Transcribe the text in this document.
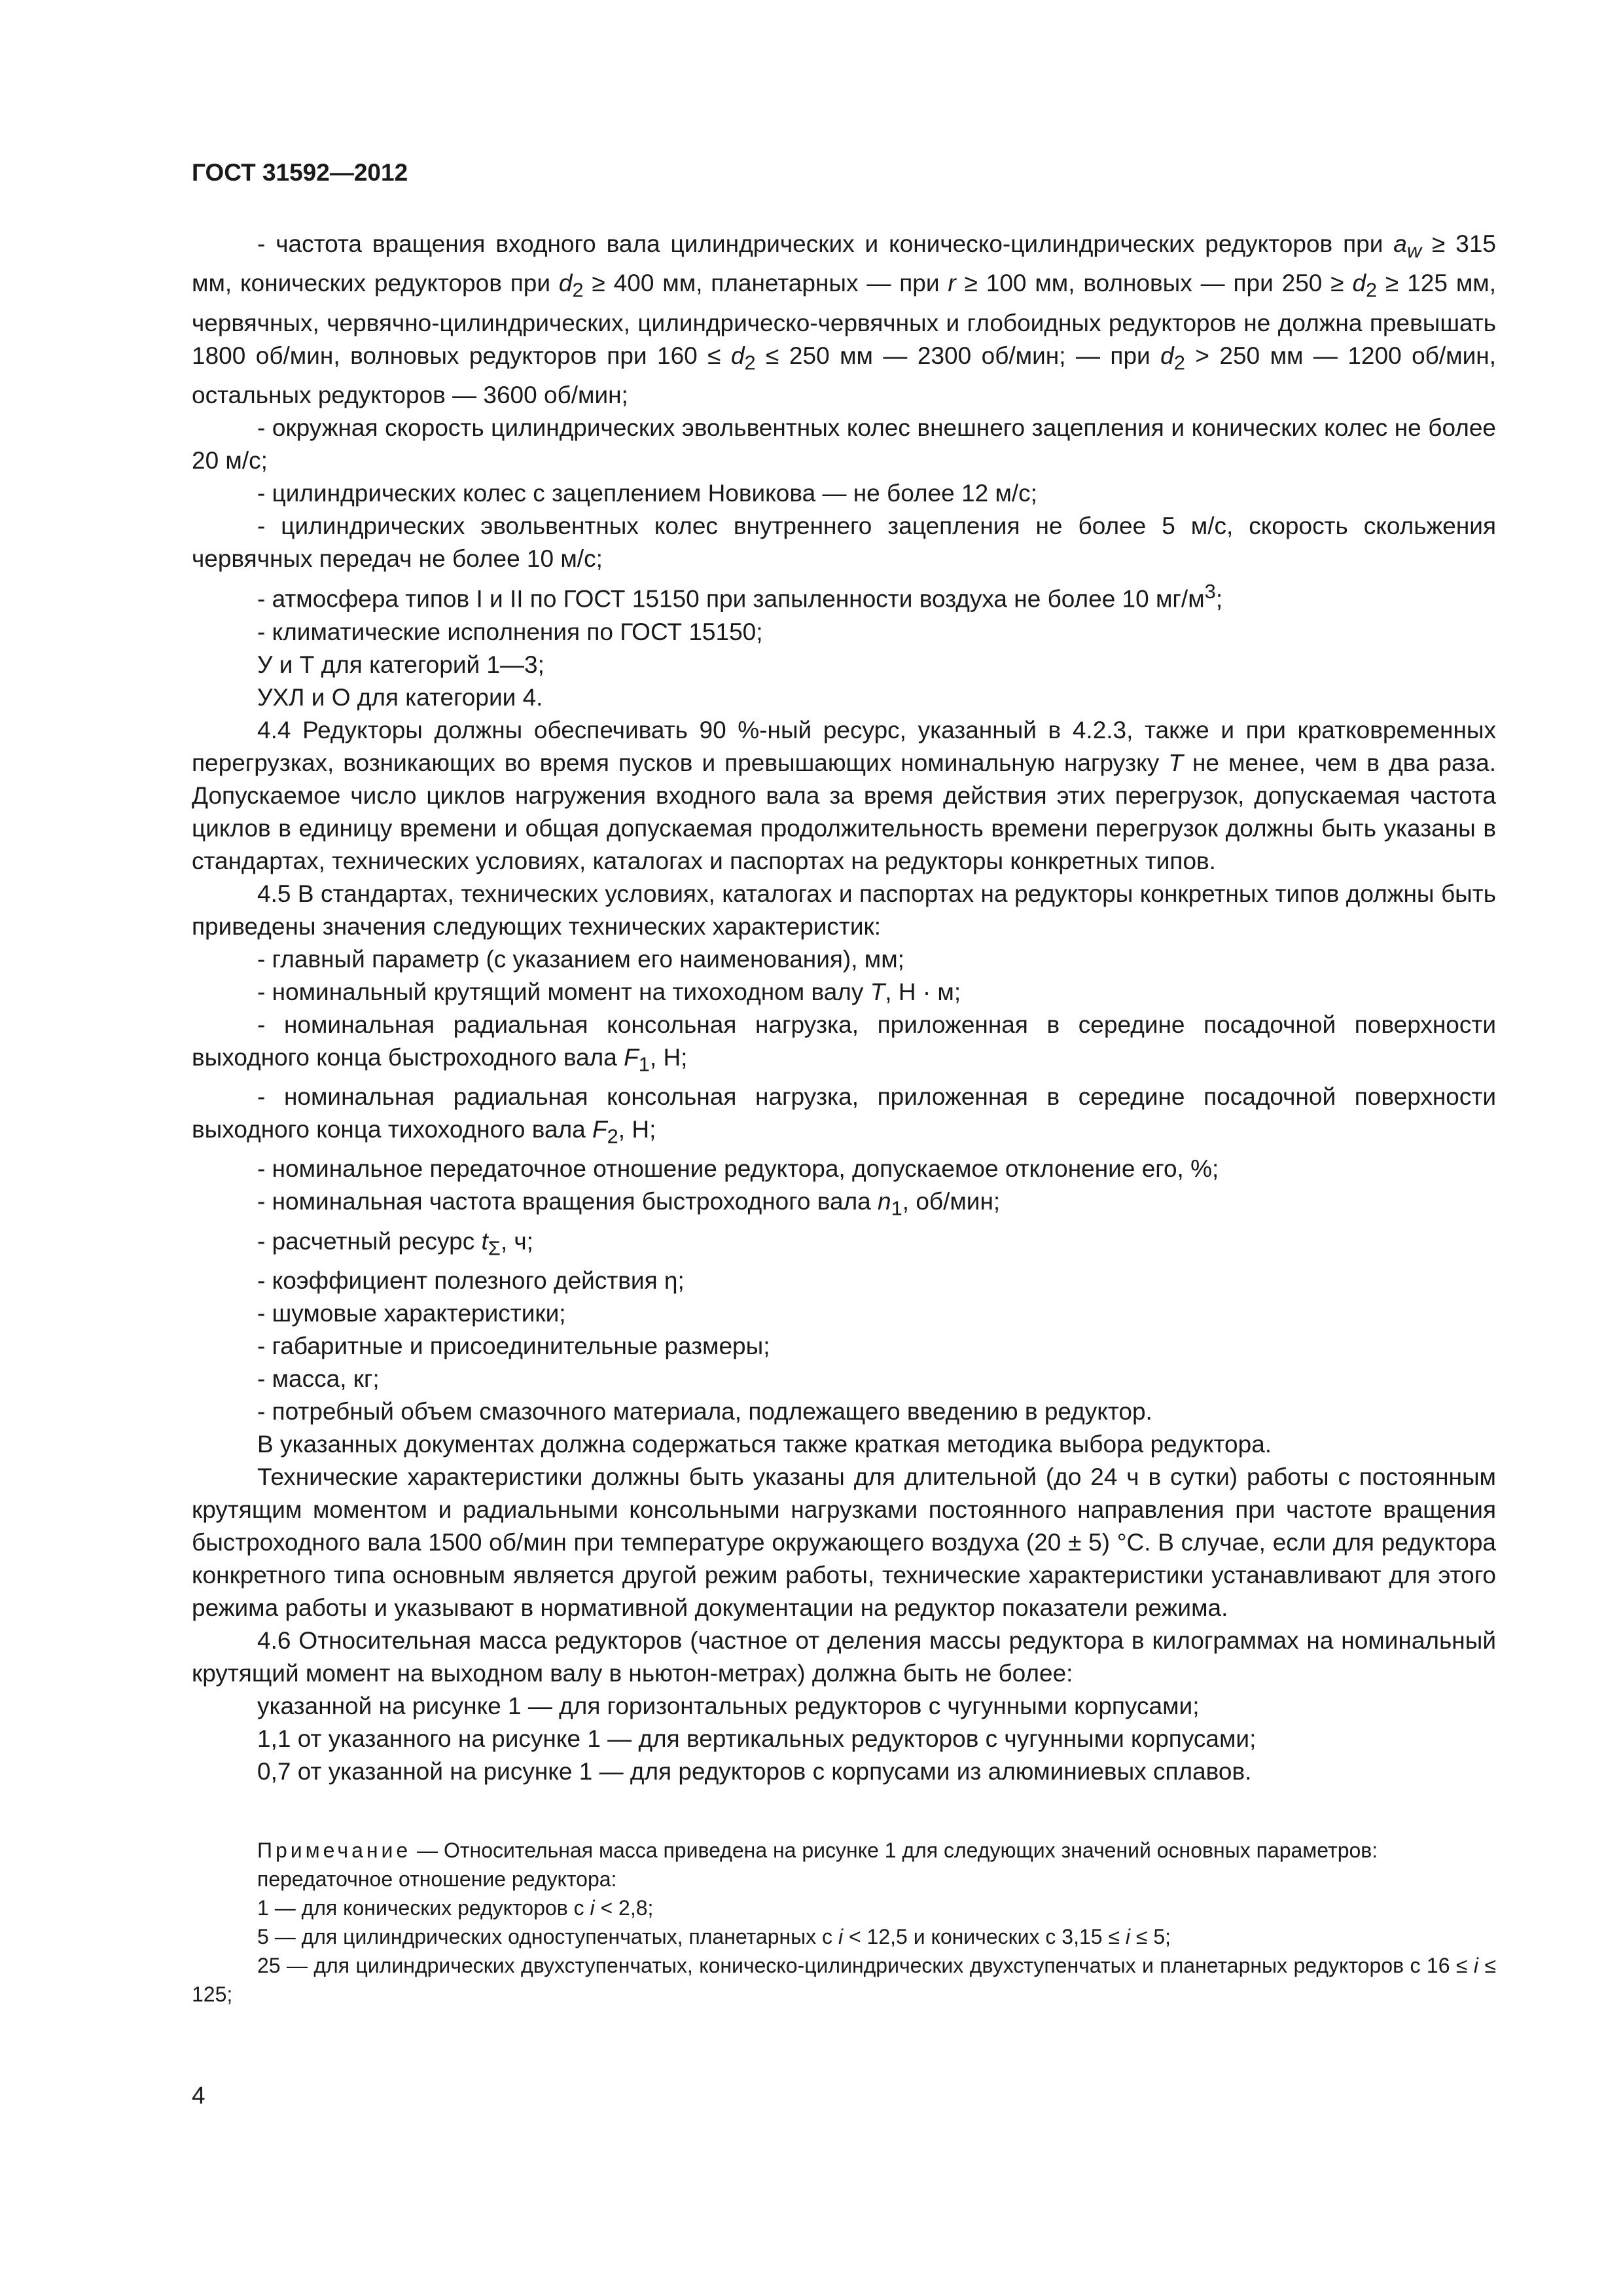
ГОСТ 31592—2012

- частота вращения входного вала цилиндрических и коническо-цилиндрических редукторов при $a_w \ge 315$ мм, конических редукторов при $d_2 \ge 400$ мм, планетарных — при r ≥ 100 мм, волновых — при $250 \ge d_2 \ge 125$ мм, червячных, червячно-цилиндрических, цилиндрическо-червячных и глобоидных редукторов не должна превышать 1800 об/мин, волновых редукторов при $160 \le d_2 \le 250$ мм — 2300 об/мин; — при $d_2 > 250$ мм — 1200 об/мин, остальных редукторов — 3600 об/мин;

- окружная скорость цилиндрических эвольвентных колес внешнего зацепления и конических колес не более 20 м/с;

- цилиндрических колес с зацеплением Новикова — не более 12 м/с;

- цилиндрических эвольвентных колес внутреннего зацепления не более 5 м/с, скорость скольжения червячных передач не более 10 м/с;

- атмосфера типов I и II по ГОСТ 15150 при запыленности воздуха не более 10 $мг/м^3$;

- климатические исполнения по ГОСТ 15150;

У и Т для категорий 1—3;

УХЛ и О для категории 4.

4.4 Редукторы должны обеспечивать 90 %-ный ресурс, указанный в 4.2.3, также и при кратковременных перегрузках, возникающих во время пусков и превышающих номинальную нагрузку T не менее, чем в два раза. Допускаемое число циклов нагружения входного вала за время действия этих перегрузок, допускаемая частота циклов в единицу времени и общая допускаемая продолжительность времени перегрузок должны быть указаны в стандартах, технических условиях, каталогах и паспортах на редукторы конкретных типов.

4.5 В стандартах, технических условиях, каталогах и паспортах на редукторы конкретных типов должны быть приведены значения следующих технических характеристик:

- главный параметр (с указанием его наименования), мм;

- номинальный крутящий момент на тихоходном валу T, Н · м;

- номинальная радиальная консольная нагрузка, приложенная в середине посадочной поверхности выходного конца быстроходного вала $F_1$, Н;

- номинальная радиальная консольная нагрузка, приложенная в середине посадочной поверхности выходного конца тихоходного вала $F_2$, Н;

- номинальное передаточное отношение редуктора, допускаемое отклонение его, %;

- номинальная частота вращения быстроходного вала $n_1$, об/мин;

- расчетный ресурс $t_\Sigma$, ч;

- коэффициент полезного действия η;

- шумовые характеристики;

- габаритные и присоединительные размеры;

- масса, кг;

- потребный объем смазочного материала, подлежащего введению в редуктор.

В указанных документах должна содержаться также краткая методика выбора редуктора.

Технические характеристики должны быть указаны для длительной (до 24 ч в сутки) работы с постоянным крутящим моментом и радиальными консольными нагрузками постоянного направления при частоте вращения быстроходного вала 1500 об/мин при температуре окружающего воздуха (20 ± 5) °С. В случае, если для редуктора конкретного типа основным является другой режим работы, технические характеристики устанавливают для этого режима работы и указывают в нормативной документации на редуктор показатели режима.

4.6 Относительная масса редукторов (частное от деления массы редуктора в килограммах на номинальный крутящий момент на выходном валу в ньютон-метрах) должна быть не более:

указанной на рисунке 1 — для горизонтальных редукторов с чугунными корпусами;

1,1 от указанного на рисунке 1 — для вертикальных редукторов с чугунными корпусами;

0,7 от указанной на рисунке 1 — для редукторов с корпусами из алюминиевых сплавов.

Примечание — Относительная масса приведена на рисунке 1 для следующих значений основных параметров:

передаточное отношение редуктора:

1 — для конических редукторов с i < 2,8;

5 — для цилиндрических одноступенчатых, планетарных с i < 12,5 и конических с 3,15 ≤ i ≤ 5;

25 — для цилиндрических двухступенчатых, коническо-цилиндрических двухступенчатых и планетарных редукторов с 16 ≤ i ≤ 125;

4
